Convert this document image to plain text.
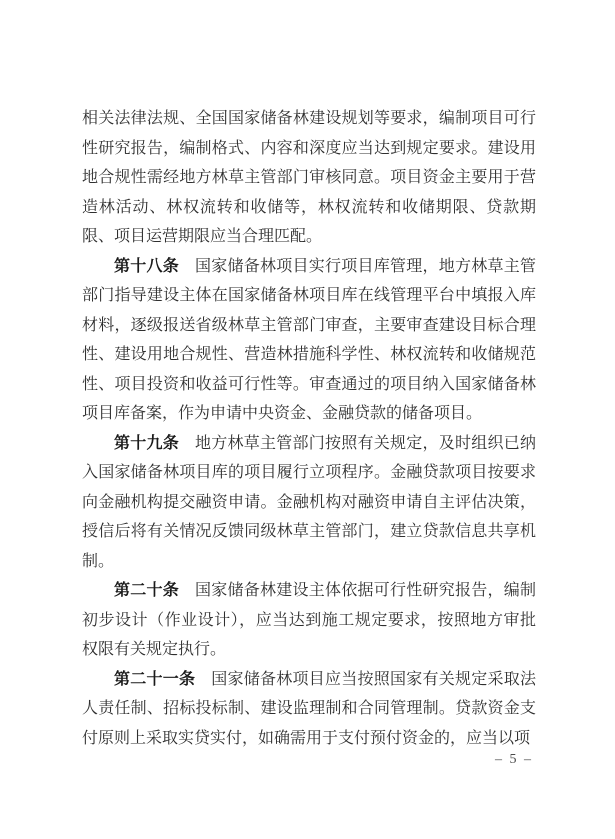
相关法律法规、全国国家储备林建设规划等要求，编制项目可行性研究报告，编制格式、内容和深度应当达到规定要求。建设用地合规性需经地方林草主管部门审核同意。项目资金主要用于营造林活动、林权流转和收储等，林权流转和收储期限、贷款期限、项目运营期限应当合理匹配。

第十八条 国家储备林项目实行项目库管理，地方林草主管部门指导建设主体在国家储备林项目库在线管理平台中填报入库材料，逐级报送省级林草主管部门审查，主要审查建设目标合理性、建设用地合规性、营造林措施科学性、林权流转和收储规范性、项目投资和收益可行性等。审查通过的项目纳入国家储备林项目库备案，作为申请中央资金、金融贷款的储备项目。

第十九条 地方林草主管部门按照有关规定，及时组织已纳入国家储备林项目库的项目履行立项程序。金融贷款项目按要求向金融机构提交融资申请。金融机构对融资申请自主评估决策，授信后将有关情况反馈同级林草主管部门，建立贷款信息共享机制。

第二十条 国家储备林建设主体依据可行性研究报告，编制初步设计（作业设计），应当达到施工规定要求，按照地方审批权限有关规定执行。

第二十一条 国家储备林项目应当按照国家有关规定采取法人责任制、招标投标制、建设监理制和合同管理制。贷款资金支付原则上采取实贷实付，如确需用于支付预付资金的，应当以项

– 5 –
